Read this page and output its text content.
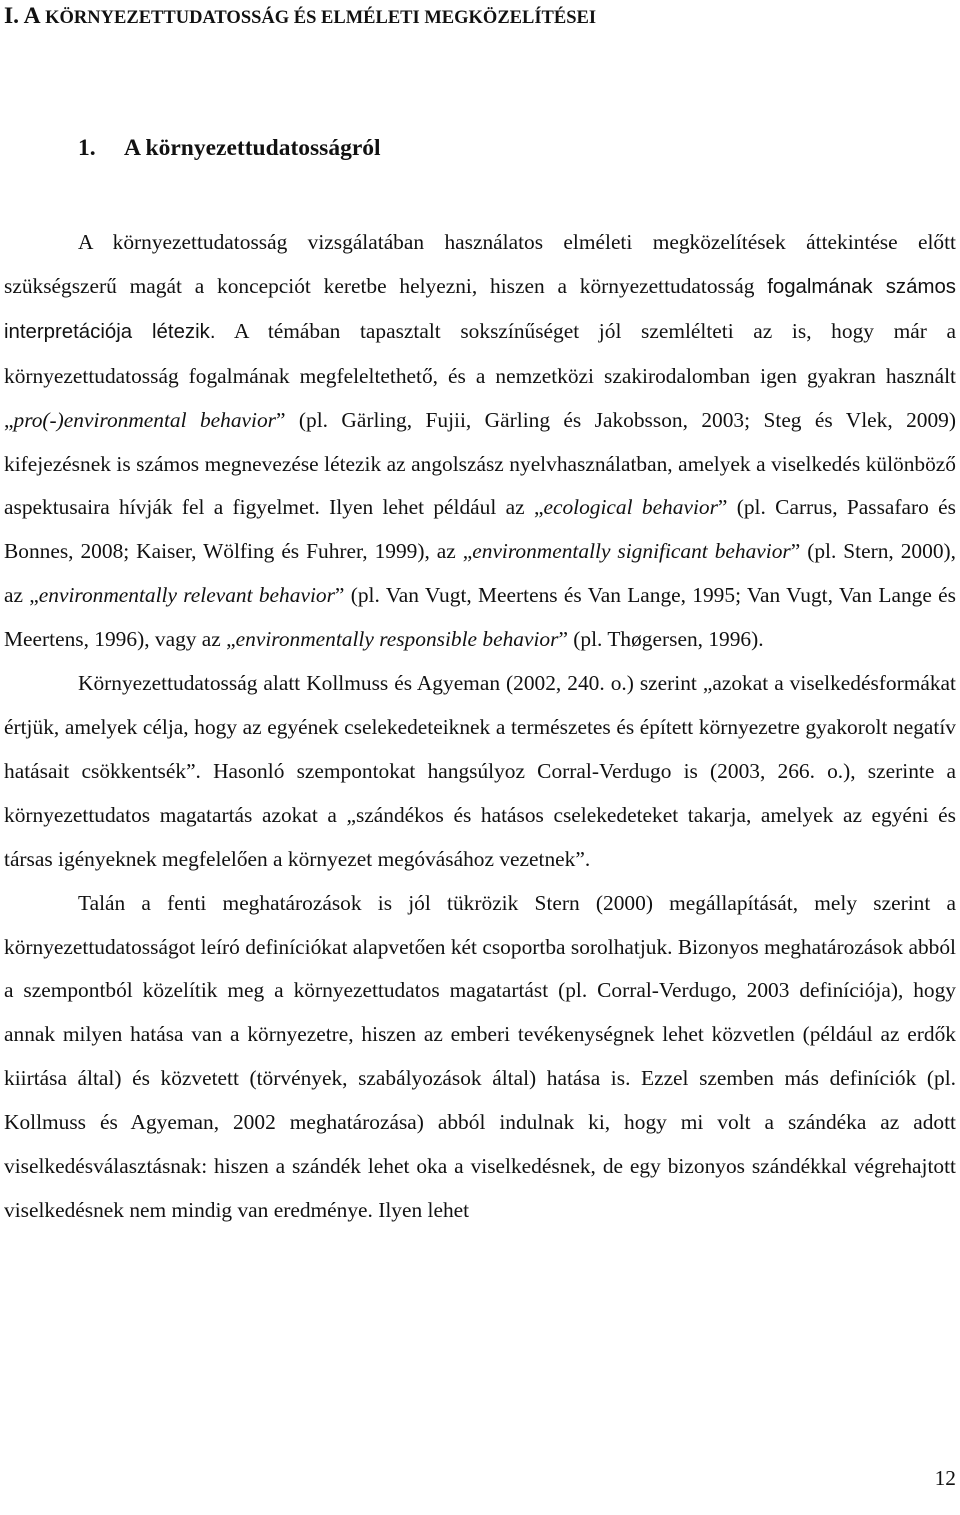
I. A KÖRNYEZETTUDATOSSÁG ÉS ELMÉLETI MEGKÖZELÍTÉSEI
1. A környezettudatosságról

A környezettudatosság vizsgálatában használatos elméleti megközelítések áttekintése előtt szükségszerű magát a koncepciót keretbe helyezni, hiszen a környezettudatosság fogalmának számos interpretációja létezik. A témában tapasztalt sokszínűséget jól szemlélteti az is, hogy már a környezettudatosság fogalmának megfeleltethető, és a nemzetközi szakirodalomban igen gyakran használt „pro(-)environmental behavior” (pl. Gärling, Fujii, Gärling és Jakobsson, 2003; Steg és Vlek, 2009) kifejezésnek is számos megnevezése létezik az angolszász nyelvhasználatban, amelyek a viselkedés különböző aspektusaira hívják fel a figyelmet. Ilyen lehet például az „ecological behavior” (pl. Carrus, Passafaro és Bonnes, 2008; Kaiser, Wölfing és Fuhrer, 1999), az „environmentally significant behavior” (pl. Stern, 2000), az „environmentally relevant behavior” (pl. Van Vugt, Meertens és Van Lange, 1995; Van Vugt, Van Lange és Meertens, 1996), vagy az „environmentally responsible behavior” (pl. Thøgersen, 1996).

Környezettudatosság alatt Kollmuss és Agyeman (2002, 240. o.) szerint „azokat a viselkedésformákat értjük, amelyek célja, hogy az egyének cselekedeteiknek a természetes és épített környezetre gyakorolt negatív hatásait csökkentsék”. Hasonló szempontokat hangsúlyoz Corral-Verdugo is (2003, 266. o.), szerinte a környezettudatos magatartás azokat a „szándékos és hatásos cselekedeteket takarja, amelyek az egyéni és társas igényeknek megfelelően a környezet megóvásához vezetnek”.

Talán a fenti meghatározások is jól tükrözik Stern (2000) megállapítását, mely szerint a környezettudatosságot leíró definíciókat alapvetően két csoportba sorolhatjuk. Bizonyos meghatározások abból a szempontból közelítik meg a környezettudatos magatartást (pl. Corral-Verdugo, 2003 definíciója), hogy annak milyen hatása van a környezetre, hiszen az emberi tevékenységnek lehet közvetlen (például az erdők kiirtása által) és közvetett (törvények, szabályozások által) hatása is. Ezzel szemben más definíciók (pl. Kollmuss és Agyeman, 2002 meghatározása) abból indulnak ki, hogy mi volt a szándéka az adott viselkedésválasztásnak: hiszen a szándék lehet oka a viselkedésnek, de egy bizonyos szándékkal végrehajtott viselkedésnek nem mindig van eredménye. Ilyen lehet

12
